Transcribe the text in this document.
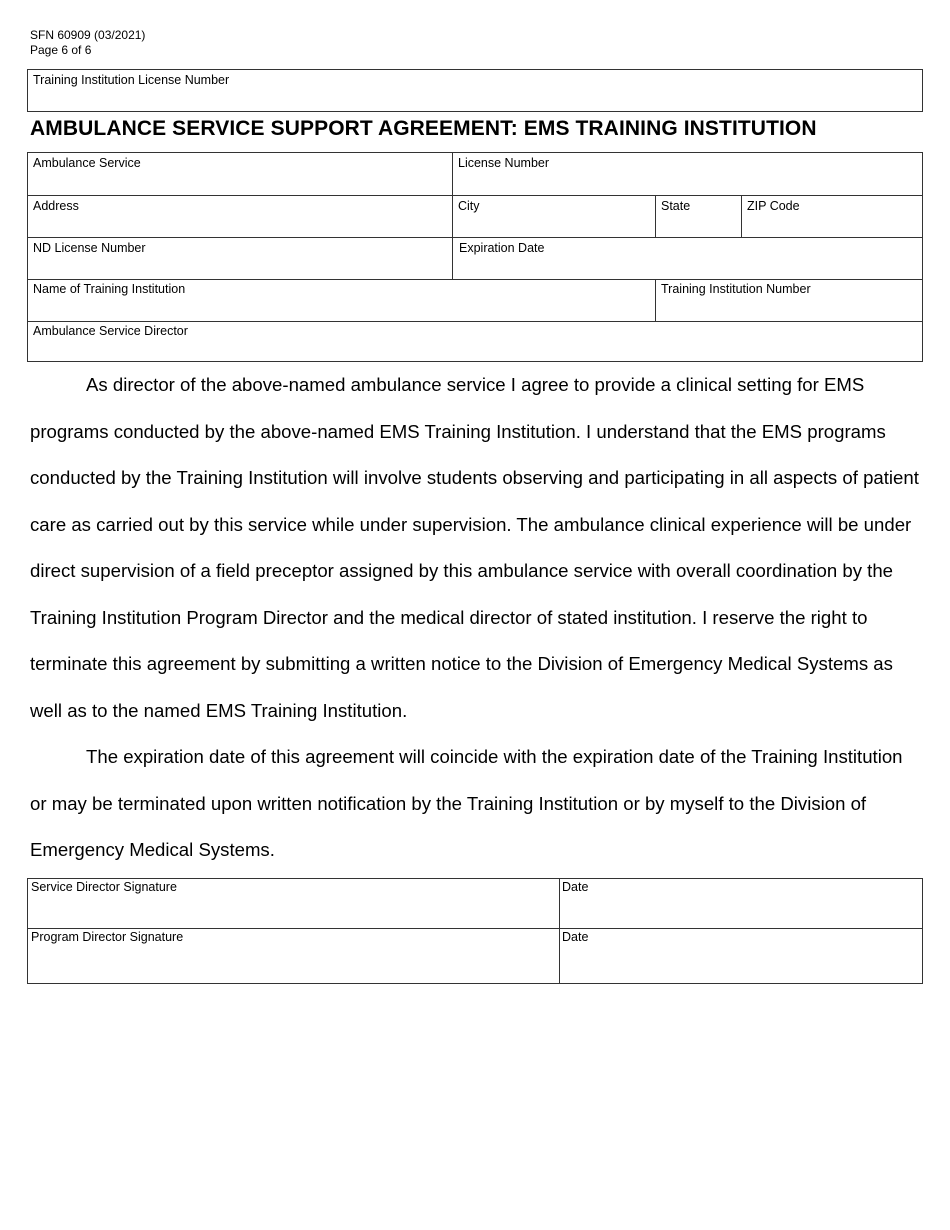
SFN 60909 (03/2021)
Page 6 of 6
Training Institution License Number
AMBULANCE SERVICE SUPPORT AGREEMENT: EMS TRAINING INSTITUTION
Ambulance Service	License Number
Address	City	State	ZIP Code
ND License Number	Expiration Date
Name of Training Institution	Training Institution Number
Ambulance Service Director

As director of the above-named ambulance service I agree to provide a clinical setting for EMS programs conducted by the above-named EMS Training Institution. I understand that the EMS programs conducted by the Training Institution will involve students observing and participating in all aspects of patient care as carried out by this service while under supervision. The ambulance clinical experience will be under direct supervision of a field preceptor assigned by this ambulance service with overall coordination by the Training Institution Program Director and the medical director of stated institution. I reserve the right to terminate this agreement by submitting a written notice to the Division of Emergency Medical Systems as well as to the named EMS Training Institution.

The expiration date of this agreement will coincide with the expiration date of the Training Institution or may be terminated upon written notification by the Training Institution or by myself to the Division of Emergency Medical Systems.

Service Director Signature	Date
Program Director Signature	Date
